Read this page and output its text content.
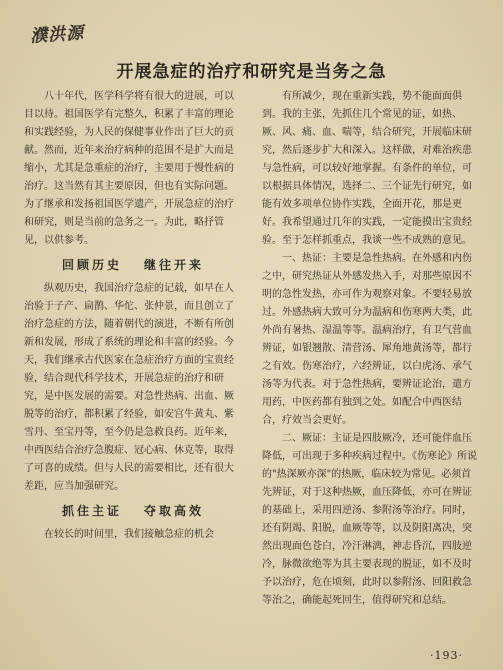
濮洪源
开展急症的治疗和研究是当务之急

八十年代，医学科学将有很大的进展，可以目以待。祖国医学有完整久，积累了丰富的理论和实践经验，为人民的保健事业作出了巨大的贡献。然而，近年来治疗病种的范围不是扩大而是缩小，尤其是急重症的治疗，主要用于慢性病的治疗。这当然有其主要原因，但也有实际问题。为了继承和发扬祖国医学遗产，开展急症的治疗和研究，则是当前的急务之一。为此，略抒管见，以供参考。

回顾历史 继往开来

纵观历史，我国治疗急症的记载，如早在人治验于子产、扁鹊、华佗、张仲景，而且创立了治疗急症的方法，随着朝代的演进，不断有所创新和发展，形成了系统的理论和丰富的经验。今天，我们继承古代医家在急症治疗方面的宝贵经验，结合现代科学技术，开展急症的治疗和研究，是中医发展的需要。对急性热病、出血、厥脱等的治疗，都积累了经验，如安宫牛黄丸、紫雪丹、至宝丹等，至今仍是急救良药。近年来，中西医结合治疗急腹症、冠心病、休克等，取得了可喜的成绩。但与人民的需要相比，还有很大差距，应当加强研究。

抓住主证 夺取高效

在较长的时间里，我们接触急症的机会

有所减少，现在重新实践，势不能面面俱到。我的主张，先抓住几个常见的证，如热、厥、风、痛、血、喘等，结合研究，开展临床研究，然后逐步扩大和深入。这样做，对难治疾患与急性病，可以较好地掌握。有条件的单位，可以根据具体情况，选择二、三个证先行研究，如能有效多项单位协作实践，全面开花，那是更好。我希望通过几年的实践，一定能摸出宝贵经验。至于怎样抓重点，我谈一些不成熟的意见。

一、热证：主要是急性热病。在外感和内伤之中，研究热证从外感发热入手，对那些原因不明的急性发热，亦可作为观察对象。不要轻易放过。外感热病大致可分为温病和伤寒两大类，此外尚有暑热、湿温等等。温病治疗，有卫气营血辨证，如银翘散、清营汤、犀角地黄汤等，都行之有效。伤寒治疗，六经辨证，以白虎汤、承气汤等为代表。对于急性热病，要辨证论治，遣方用药，中医药都有独到之处。如配合中西医结合，疗效当会更好。

二、厥证：主证是四肢厥冷，还可能伴血压降低，可出现于多种疾病过程中。《伤寒论》所说的"热深厥亦深"的热厥，临床较为常见。必须首先辨证，对于这种热厥，血压降低，亦可在辨证的基础上，采用四逆汤、参附汤等治疗。同时，还有阴竭、阳脱，血厥等等，以及阴阳离决，突然出现面色苍白，冷汗淋漓，神志昏沉，四肢逆冷，脉微欲绝等为其主要表现的脱证，如不及时予以治疗，危在顷刻，此时以参附汤、回阳救急等治之，确能起死回生，值得研究和总结。

·193·
